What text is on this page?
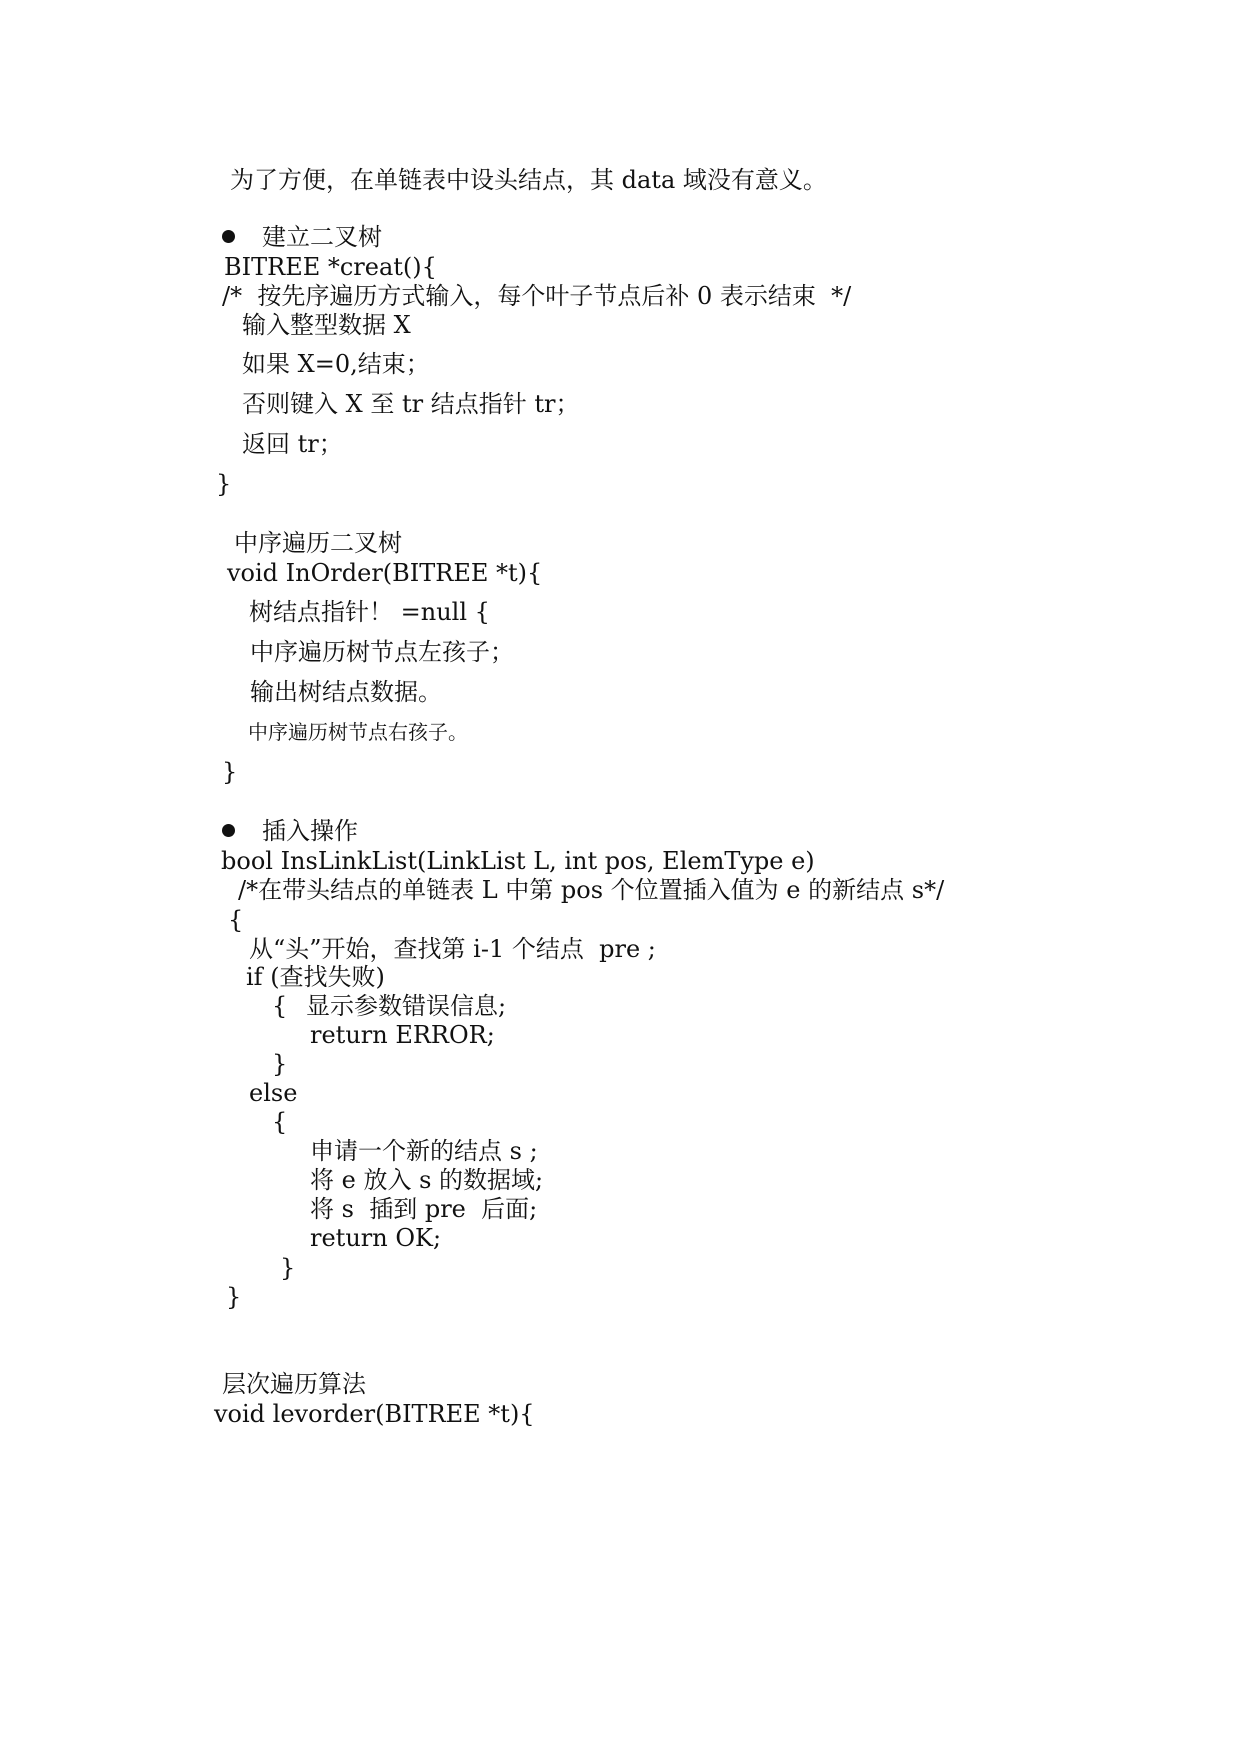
为了方便，在单链表中设头结点，其 data 域没有意义。
建立二叉树
BITREE *creat(){
/*  按先序遍历方式输入，每个叶子节点后补 0 表示结束  */
输入整型数据 X
如果 X=0,结束；
否则键入 X 至 tr 结点指针 tr；
返回 tr；
}
中序遍历二叉树
void InOrder(BITREE *t){
树结点指针！ =null {
中序遍历树节点左孩子；
输出树结点数据。
中序遍历树节点右孩子。
}
插入操作
bool InsLinkList(LinkList L, int pos, ElemType e)
/*在带头结点的单链表 L 中第 pos 个位置插入值为 e 的新结点 s*/
{
从“头”开始，查找第 i-1 个结点  pre ;
if (查找失败)
{ 显示参数错误信息;
return ERROR;
}
else
{
申请一个新的结点 s ;
将 e 放入 s 的数据域;
将 s  插到 pre  后面;
return OK;
}
}
层次遍历算法
void levorder(BITREE *t){
